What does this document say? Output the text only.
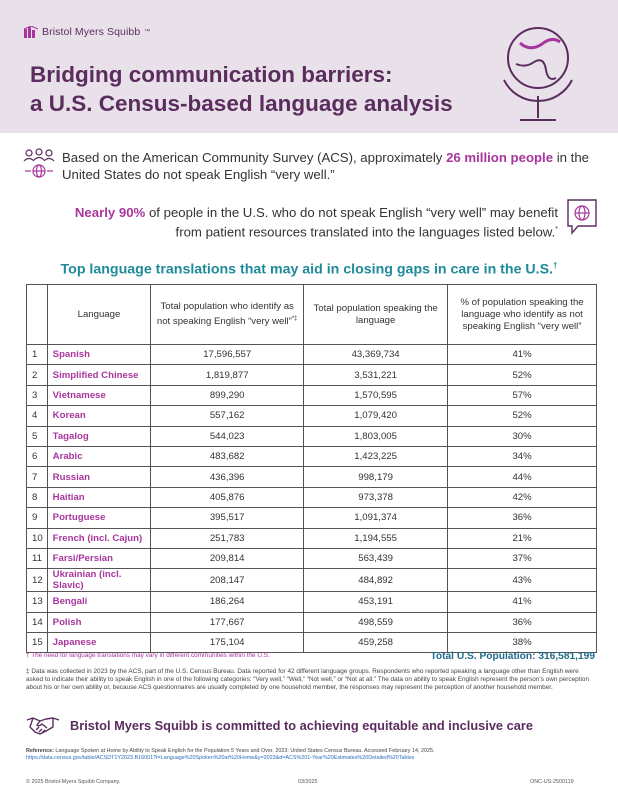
Bristol Myers Squibb ™
Bridging communication barriers:
a U.S. Census-based language analysis

Based on the American Community Survey (ACS), approximately 26 million people in the United States do not speak English “very well.”

Nearly 90% of people in the U.S. who do not speak English “very well” may benefit from patient resources translated into the languages listed below.*

Top language translations that may aid in closing gaps in care in the U.S.†
	Language	Total population who identify as not speaking English “very well”*‡	Total population speaking the language	% of population speaking the language who identify as not speaking English “very well”
1	Spanish	17,596,557	43,369,734	41%
2	Simplified Chinese	1,819,877	3,531,221	52%
3	Vietnamese	899,290	1,570,595	57%
4	Korean	557,162	1,079,420	52%
5	Tagalog	544,023	1,803,005	30%
6	Arabic	483,682	1,423,225	34%
7	Russian	436,396	998,179	44%
8	Haitian	405,876	973,378	42%
9	Portuguese	395,517	1,091,374	36%
10	French (incl. Cajun)	251,783	1,194,555	21%
11	Farsi/Persian	209,814	563,439	37%
12	Ukrainian (incl. Slavic)	208,147	484,892	43%
13	Bengali	186,264	453,191	41%
14	Polish	177,667	498,559	36%
15	Japanese	175,104	459,258	38%
† The need for language translations may vary in different communities within the U.S.	Total U.S. Population: 316,581,199
‡ Data was collected in 2023 by the ACS, part of the U.S. Census Bureau. Data reported for 42 different language groups. Respondents who reported speaking a language other than English were asked to indicate their ability to speak English in one of the following categories: “Very well,” “Well,” “Not well,” or “Not at all.” The data on ability to speak English represent the person’s own perception about his or her own ability or, because ACS questionnaires are usually completed by one household member, the responses may represent the perception of another household member.
Bristol Myers Squibb is committed to achieving equitable and inclusive care
Reference: Language Spoken at Home by Ability to Speak English for the Population 5 Years and Over. 2023: United States Census Bureau. Accessed February 14, 2025.
https://data.census.gov/table/ACSDT1Y2023.B16001?t=Language%20Spoken%20at%20Home&y=2023&d=ACS%201-Year%20Estimates%20Detailed%20Tables
© 2025 Bristol-Myers Squibb Company.	03/2025	ONC-US-2500119
